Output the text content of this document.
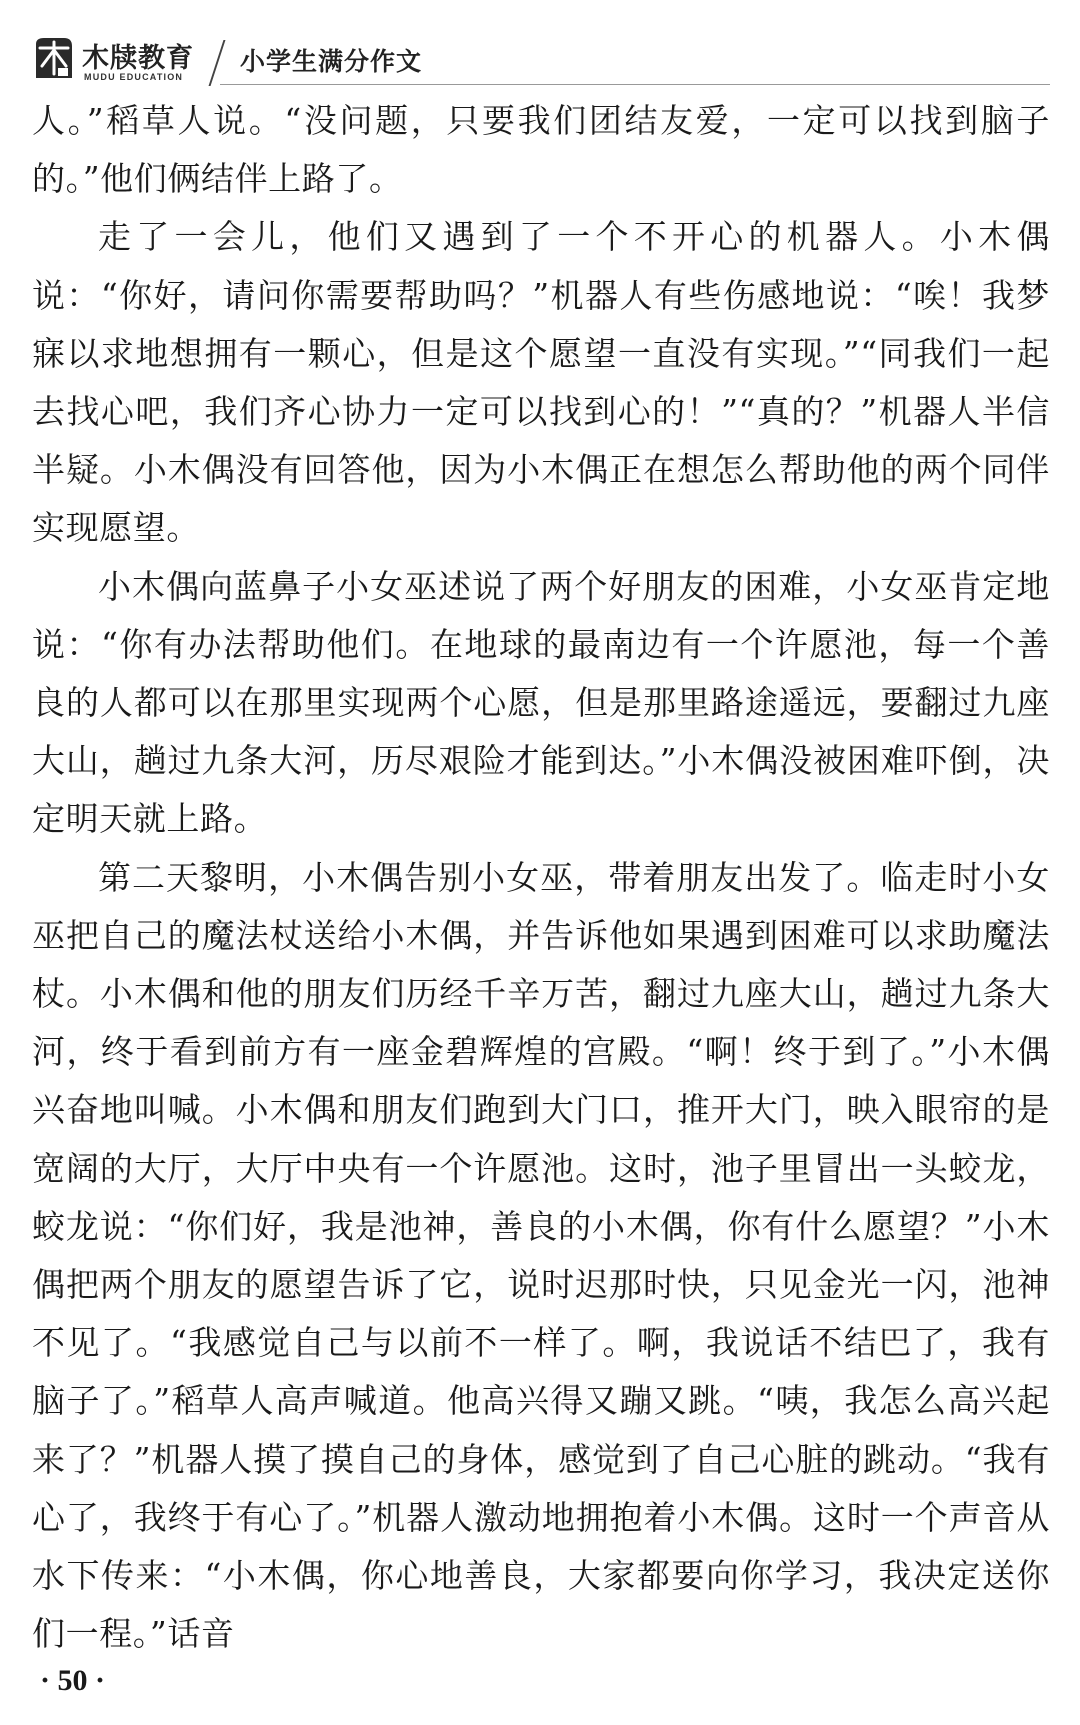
木牍教育
MUDU EDUCATION
小学生满分作文

人。”稻草人说。“没问题，只要我们团结友爱，一定可以找到脑子的。”他们俩结伴上路了。

走了一会儿，他们又遇到了一个不开心的机器人。小木偶说：“你好，请问你需要帮助吗？”机器人有些伤感地说：“唉！我梦寐以求地想拥有一颗心，但是这个愿望一直没有实现。”“同我们一起去找心吧，我们齐心协力一定可以找到心的！”“真的？”机器人半信半疑。小木偶没有回答他，因为小木偶正在想怎么帮助他的两个同伴实现愿望。

小木偶向蓝鼻子小女巫述说了两个好朋友的困难，小女巫肯定地说：“你有办法帮助他们。在地球的最南边有一个许愿池，每一个善良的人都可以在那里实现两个心愿，但是那里路途遥远，要翻过九座大山，趟过九条大河，历尽艰险才能到达。”小木偶没被困难吓倒，决定明天就上路。

第二天黎明，小木偶告别小女巫，带着朋友出发了。临走时小女巫把自己的魔法杖送给小木偶，并告诉他如果遇到困难可以求助魔法杖。小木偶和他的朋友们历经千辛万苦，翻过九座大山，趟过九条大河，终于看到前方有一座金碧辉煌的宫殿。“啊！终于到了。”小木偶兴奋地叫喊。小木偶和朋友们跑到大门口，推开大门，映入眼帘的是宽阔的大厅，大厅中央有一个许愿池。这时，池子里冒出一头蛟龙，蛟龙说：“你们好，我是池神，善良的小木偶，你有什么愿望？”小木偶把两个朋友的愿望告诉了它，说时迟那时快，只见金光一闪，池神不见了。“我感觉自己与以前不一样了。啊，我说话不结巴了，我有脑子了。”稻草人高声喊道。他高兴得又蹦又跳。“咦，我怎么高兴起来了？”机器人摸了摸自己的身体，感觉到了自己心脏的跳动。“我有心了，我终于有心了。”机器人激动地拥抱着小木偶。这时一个声音从水下传来：“小木偶，你心地善良，大家都要向你学习，我决定送你们一程。”话音

· 50 ·
